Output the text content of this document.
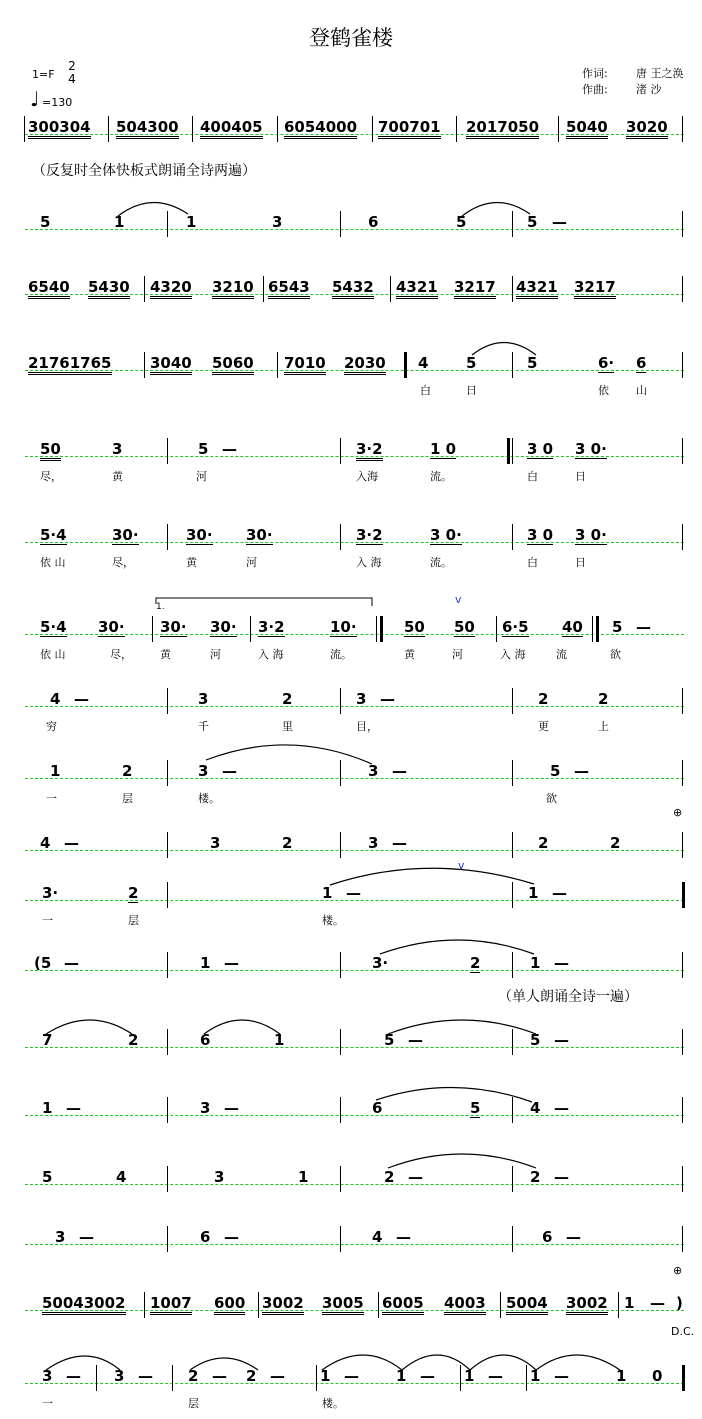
登鹤雀楼
1=F
2
4
♩ =130
作词:	唐 王之涣
作曲:	渚 沙
（反复时全体快板式朗诵全诗两遍）
（单人朗诵全诗一遍）
300304 504300 400405 6054000 700701 2017050 5040 3020
5	1	1	3	6	5	5 —
6540 5430 4320 3210 6543 5432 4321 3217 4321 3217
21761765	3040 5060 7010 2030 4	5	5	6· 6
白	日	依 山
50	3	5 —	3·2	1 0	3 0 3 0·
尽，	黄	河	入海	流。	白	日
5·4	30·	30· 30·	3·2	3 0·	3 0 3 0·
依 山	尽，	黄	河	入 海	流。	白	日
5·4 30· 30· 30· 3·2	10·	50 50 6·5 40 5 —
依 山	尽，	黄	河	入 海	流。	黄	河	入 海	流	欲
4 —	3	2	3 —	2	2
穷	千	里	目，	更	上
1	2	3 —	3 —	5 —
一	层	楼。	欲
4 —	3	2	3 —	2	2
3·	2	1 —	1 —
一	层	楼。
(5 —	1 —	3·	2	1 —
7	2	6	1	5 —	5 —
1 —	3 —	6	5	4 —
5	4	3	1	2 —	2 —
3 —	6 —	4 —	6 —
50043002 1007 600 3002 3005 6005 4003 5004 3002 1 — )
3 — 3 — 2 — 2 — 1 — 1 — 1 — 1 —	1 0
一	层	楼。
1.
D.C.
⊕
⊕
v
v
